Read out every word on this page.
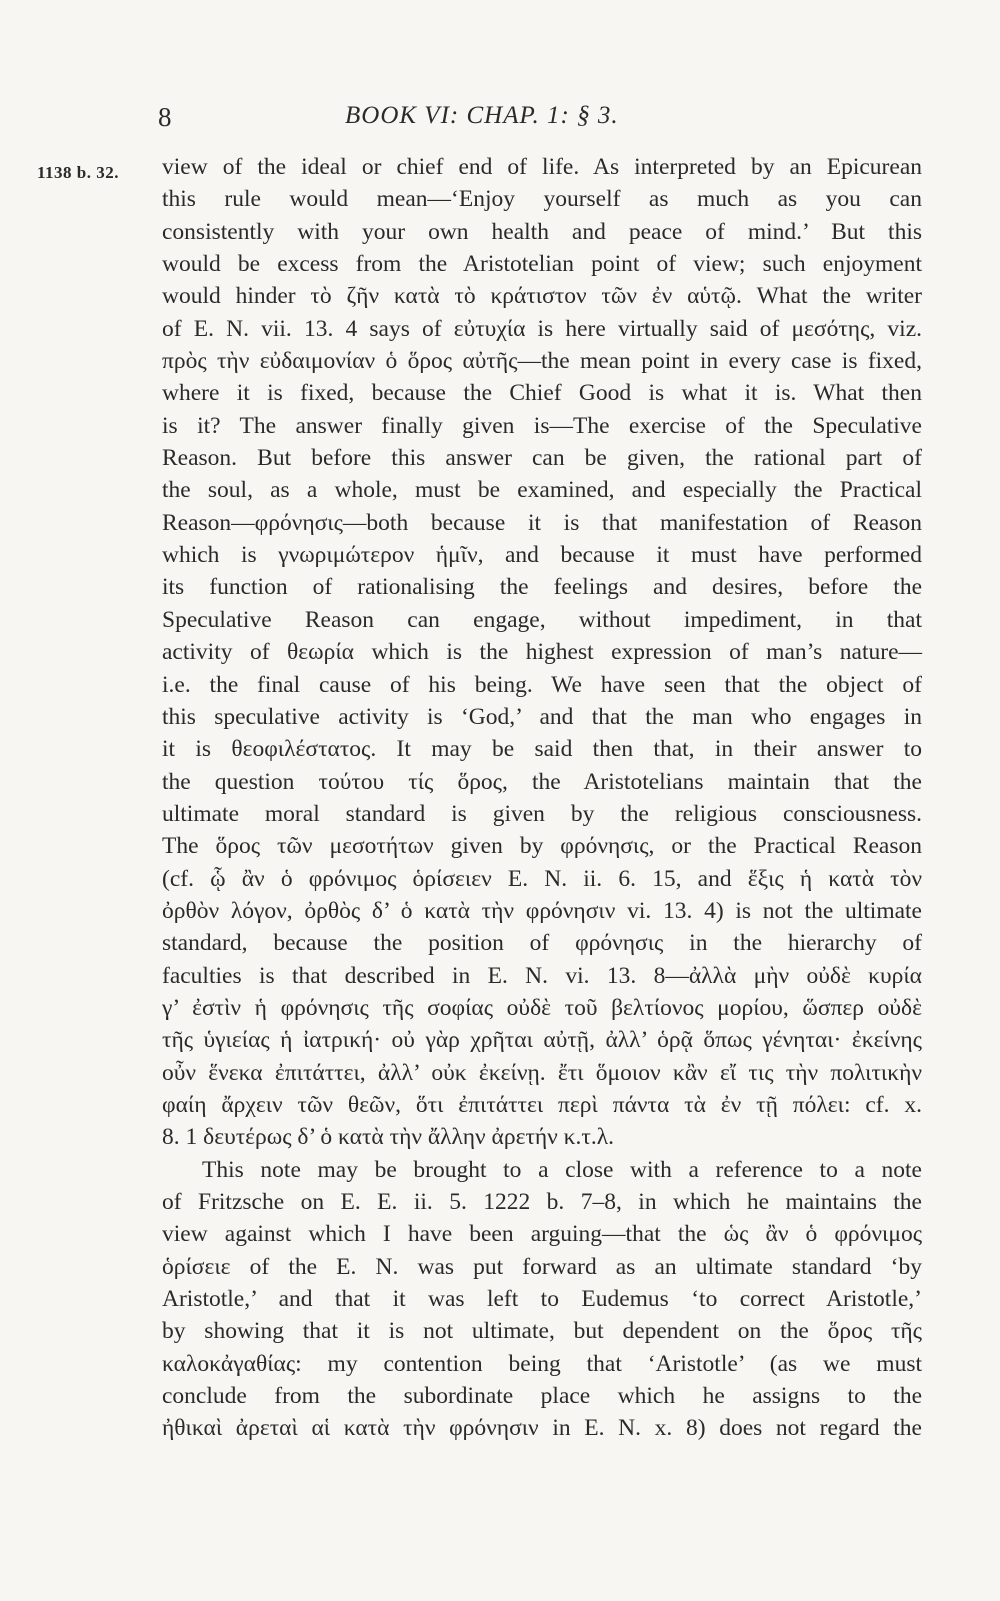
8	BOOK VI: CHAP. 1: § 3.
1138 b. 32. view of the ideal or chief end of life. As interpreted by an Epicurean
this rule would mean—‘Enjoy yourself as much as you can
consistently with your own health and peace of mind.’ But this
would be excess from the Aristotelian point of view; such enjoyment
would hinder τὸ ζῆν κατὰ τὸ κράτιστον τῶν ἐν αὑτῷ. What the writer
of E. N. vii. 13. 4 says of εὐτυχία is here virtually said of μεσότης, viz.
πρὸς τὴν εὐδαιμονίαν ὁ ὅρος αὐτῆς—the mean point in every case is fixed,
where it is fixed, because the Chief Good is what it is. What then
is it? The answer finally given is—The exercise of the Speculative
Reason. But before this answer can be given, the rational part of
the soul, as a whole, must be examined, and especially the Practical
Reason—φρόνησις—both because it is that manifestation of Reason
which is γνωριμώτερον ἡμῖν, and because it must have performed
its function of rationalising the feelings and desires, before the
Speculative Reason can engage, without impediment, in that
activity of θεωρία which is the highest expression of man’s nature—
i.e. the final cause of his being. We have seen that the object of
this speculative activity is ‘God,’ and that the man who engages in
it is θεοφιλέστατος. It may be said then that, in their answer to
the question τούτου τίς ὅρος, the Aristotelians maintain that the
ultimate moral standard is given by the religious consciousness.
The ὅρος τῶν μεσοτήτων given by φρόνησις, or the Practical Reason
(cf. ᾧ ἂν ὁ φρόνιμος ὁρίσειεν E. N. ii. 6. 15, and ἕξις ἡ κατὰ τὸν
ὀρθὸν λόγον, ὀρθὸς δ’ ὁ κατὰ τὴν φρόνησιν vi. 13. 4) is not the ultimate
standard, because the position of φρόνησις in the hierarchy of
faculties is that described in E. N. vi. 13. 8—ἀλλὰ μὴν οὐδὲ κυρία
γ’ ἐστὶν ἡ φρόνησις τῆς σοφίας οὐδὲ τοῦ βελτίονος μορίου, ὥσπερ οὐδὲ
τῆς ὑγιείας ἡ ἰατρική· οὐ γὰρ χρῆται αὐτῇ, ἀλλ’ ὁρᾷ ὅπως γένηται· ἐκείνης
οὖν ἕνεκα ἐπιτάττει, ἀλλ’ οὐκ ἐκείνῃ. ἔτι ὅμοιον κἂν εἴ τις τὴν πολιτικὴν
φαίη ἄρχειν τῶν θεῶν, ὅτι ἐπιτάττει περὶ πάντα τὰ ἐν τῇ πόλει: cf. x.
8. 1 δευτέρως δ’ ὁ κατὰ τὴν ἄλλην ἀρετήν κ.τ.λ.
This note may be brought to a close with a reference to a note
of Fritzsche on E. E. ii. 5. 1222 b. 7–8, in which he maintains the
view against which I have been arguing—that the ὡς ἂν ὁ φρόνιμος
ὁρίσειε of the E. N. was put forward as an ultimate standard ‘by
Aristotle,’ and that it was left to Eudemus ‘to correct Aristotle,’
by showing that it is not ultimate, but dependent on the ὅρος τῆς
καλοκἀγαθίας: my contention being that ‘Aristotle’ (as we must
conclude from the subordinate place which he assigns to the
ἠθικαὶ ἀρεταὶ αἱ κατὰ τὴν φρόνησιν in E. N. x. 8) does not regard the
